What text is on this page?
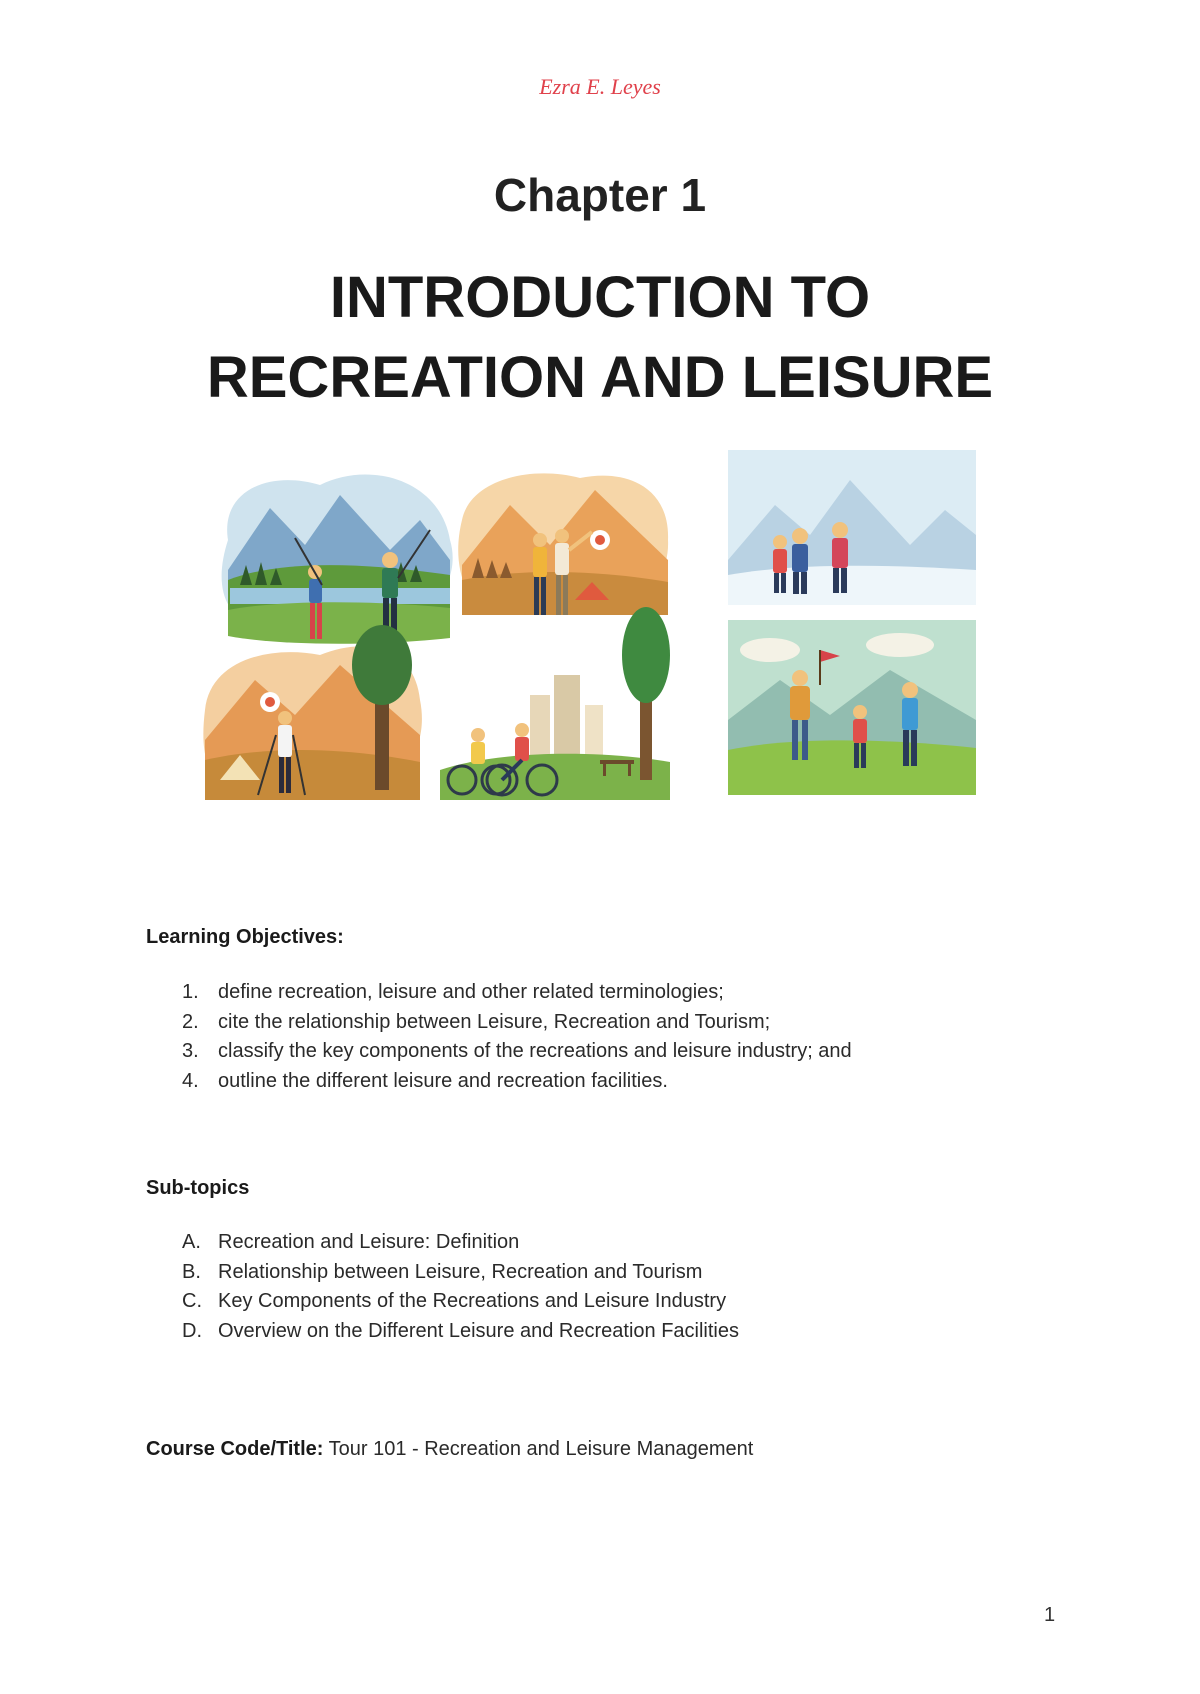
Ezra E. Leyes
Chapter 1
INTRODUCTION TO
RECREATION AND LEISURE
Learning Objectives:
1. define recreation, leisure and other related terminologies;
2. cite the relationship between Leisure, Recreation and Tourism;
3. classify the key components of the recreations and leisure industry; and
4. outline the different leisure and recreation facilities.
Sub-topics
A. Recreation and Leisure: Definition
B. Relationship between Leisure, Recreation and Tourism
C. Key Components of the Recreations and Leisure Industry
D. Overview on the Different Leisure and Recreation Facilities
Course Code/Title: Tour 101 - Recreation and Leisure Management
1
